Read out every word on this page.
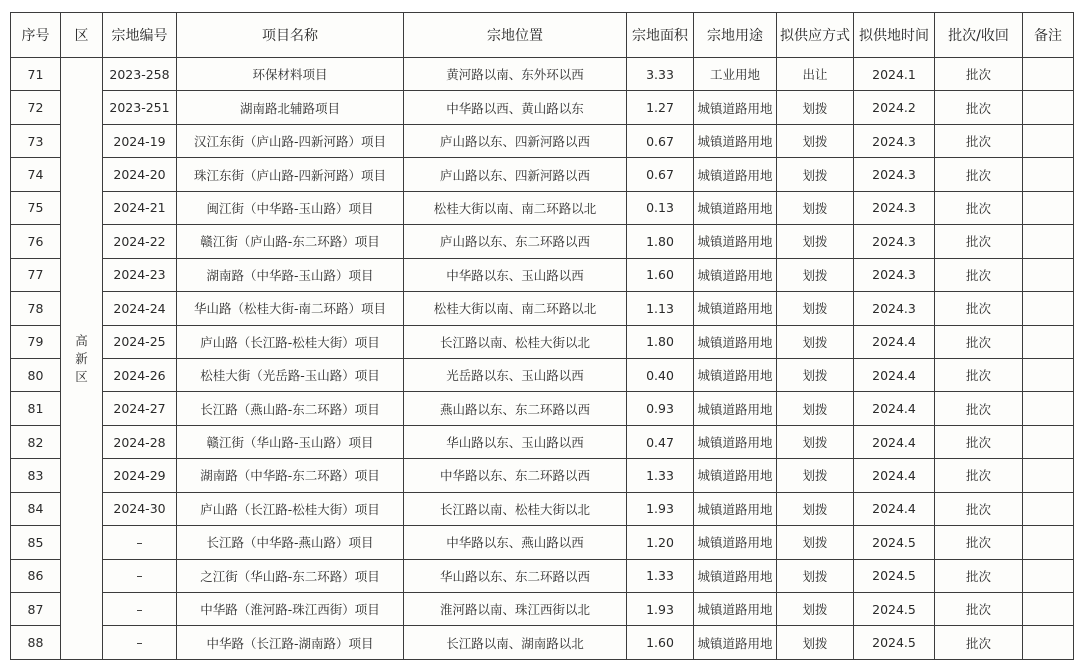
序号	区	宗地编号	项目名称	宗地位置	宗地面积	宗地用途	拟供应方式	拟供地时间	批次/收回	备注
71	高新区	2023-258	环保材料项目	黄河路以南、东外环以西	3.33	工业用地	出让	2024.1	批次	
72		2023-251	湖南路北辅路项目	中华路以西、黄山路以东	1.27	城镇道路用地	划拨	2024.2	批次	
73		2024-19	汉江东街（庐山路-四新河路）项目	庐山路以东、四新河路以西	0.67	城镇道路用地	划拨	2024.3	批次	
74		2024-20	珠江东街（庐山路-四新河路）项目	庐山路以东、四新河路以西	0.67	城镇道路用地	划拨	2024.3	批次	
75		2024-21	闽江街（中华路-玉山路）项目	松桂大街以南、南二环路以北	0.13	城镇道路用地	划拨	2024.3	批次	
76		2024-22	赣江街（庐山路-东二环路）项目	庐山路以东、东二环路以西	1.80	城镇道路用地	划拨	2024.3	批次	
77		2024-23	湖南路（中华路-玉山路）项目	中华路以东、玉山路以西	1.60	城镇道路用地	划拨	2024.3	批次	
78		2024-24	华山路（松桂大街-南二环路）项目	松桂大街以南、南二环路以北	1.13	城镇道路用地	划拨	2024.3	批次	
79		2024-25	庐山路（长江路-松桂大街）项目	长江路以南、松桂大街以北	1.80	城镇道路用地	划拨	2024.4	批次	
80		2024-26	松桂大街（光岳路-玉山路）项目	光岳路以东、玉山路以西	0.40	城镇道路用地	划拨	2024.4	批次	
81		2024-27	长江路（燕山路-东二环路）项目	燕山路以东、东二环路以西	0.93	城镇道路用地	划拨	2024.4	批次	
82		2024-28	赣江街（华山路-玉山路）项目	华山路以东、玉山路以西	0.47	城镇道路用地	划拨	2024.4	批次	
83		2024-29	湖南路（中华路-东二环路）项目	中华路以东、东二环路以西	1.33	城镇道路用地	划拨	2024.4	批次	
84		2024-30	庐山路（长江路-松桂大街）项目	长江路以南、松桂大街以北	1.93	城镇道路用地	划拨	2024.4	批次	
85		–	长江路（中华路-燕山路）项目	中华路以东、燕山路以西	1.20	城镇道路用地	划拨	2024.5	批次	
86		–	之江街（华山路-东二环路）项目	华山路以东、东二环路以西	1.33	城镇道路用地	划拨	2024.5	批次	
87		–	中华路（淮河路-珠江西街）项目	淮河路以南、珠江西街以北	1.93	城镇道路用地	划拨	2024.5	批次	
88		–	中华路（长江路-湖南路）项目	长江路以南、湖南路以北	1.60	城镇道路用地	划拨	2024.5	批次	
